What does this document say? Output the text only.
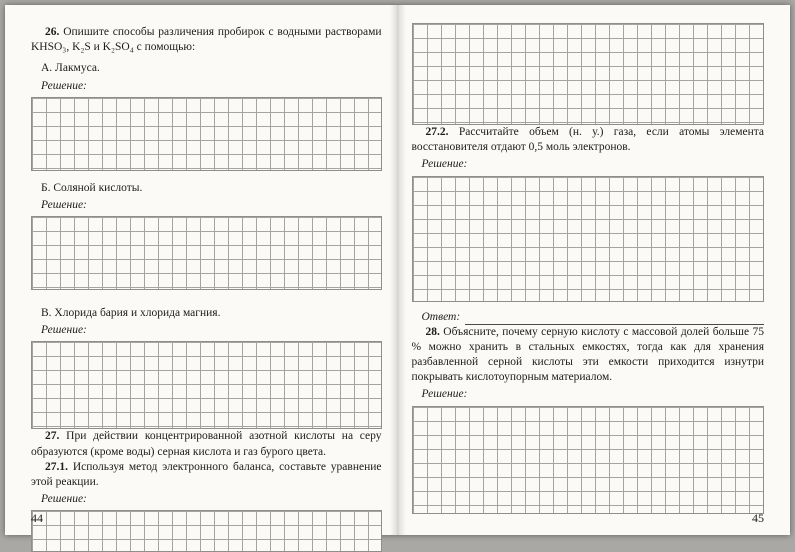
26. Опишите способы различения пробирок с водными растворами KHSO₃, K₂S и K₂SO₄ с помощью:

А. Лакмуса.
Решение:
Б. Соляной кислоты.
Решение:
В. Хлорида бария и хлорида магния.
Решение:

27. При действии концентрированной азотной кислоты на серу образуются (кроме воды) серная кислота и газ бурого цвета.

27.1. Используя метод электронного баланса, составьте уравнение этой реакции.

Решение:
44

27.2. Рассчитайте объем (н. у.) газа, если атомы элемента восстановителя отдают 0,5 моль электронов.

Решение:
Ответ:

28. Объясните, почему серную кислоту с массовой долей больше 75 % можно хранить в стальных емкостях, тогда как для хранения разбавленной серной кислоты эти емкости приходится изнутри покрывать кислотоупорным материалом.

Решение:
45
